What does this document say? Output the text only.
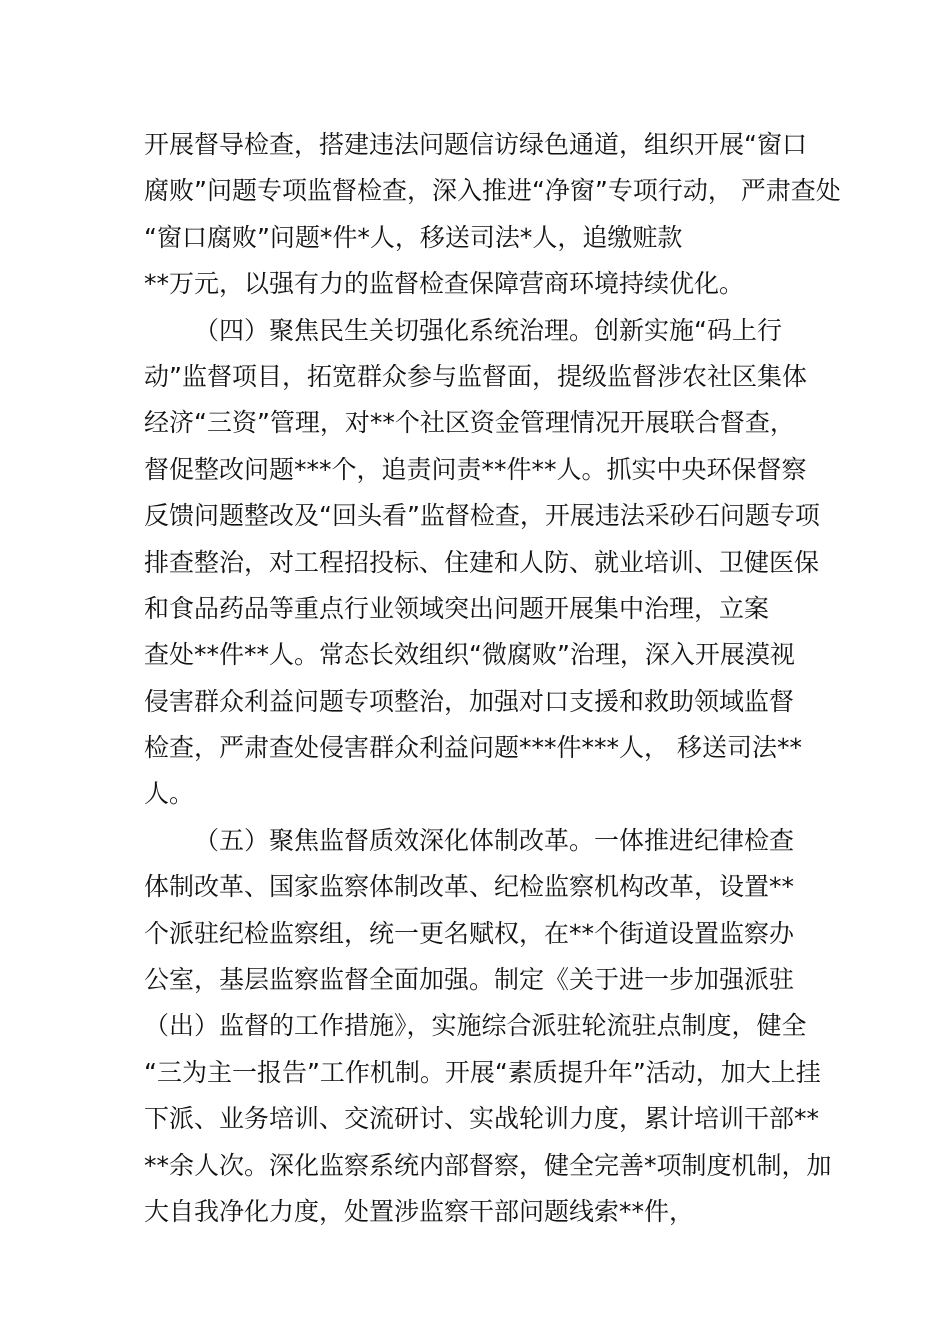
开展督导检查，搭建违法问题信访绿色通道，组织开展“窗口
腐败”问题专项监督检查，深入推进“净窗”专项行动， 严肃查处
“窗口腐败”问题*件*人，移送司法*人，追缴赃款
**万元，以强有力的监督检查保障营商环境持续优化。
（四）聚焦民生关切强化系统治理。创新实施“码上行
动”监督项目，拓宽群众参与监督面，提级监督涉农社区集体
经济“三资”管理，对**个社区资金管理情况开展联合督查，
督促整改问题***个，追责问责**件**人。抓实中央环保督察
反馈问题整改及“回头看”监督检查，开展违法采砂石问题专项
排查整治，对工程招投标、住建和人防、就业培训、卫健医保
和食品药品等重点行业领域突出问题开展集中治理，立案
查处**件**人。常态长效组织“微腐败”治理，深入开展漠视
侵害群众利益问题专项整治，加强对口支援和救助领域监督
检查，严肃查处侵害群众利益问题***件***人， 移送司法**
人。
（五）聚焦监督质效深化体制改革。一体推进纪律检查
体制改革、国家监察体制改革、纪检监察机构改革，设置**
个派驻纪检监察组，统一更名赋权，在**个街道设置监察办
公室，基层监察监督全面加强。制定《关于进一步加强派驻
（出）监督的工作措施》，实施综合派驻轮流驻点制度，健全
“三为主一报告”工作机制。开展“素质提升年”活动，加大上挂
下派、业务培训、交流研讨、实战轮训力度，累计培训干部**
**余人次。深化监察系统内部督察，健全完善*项制度机制，加
大自我净化力度，处置涉监察干部问题线索**件，
